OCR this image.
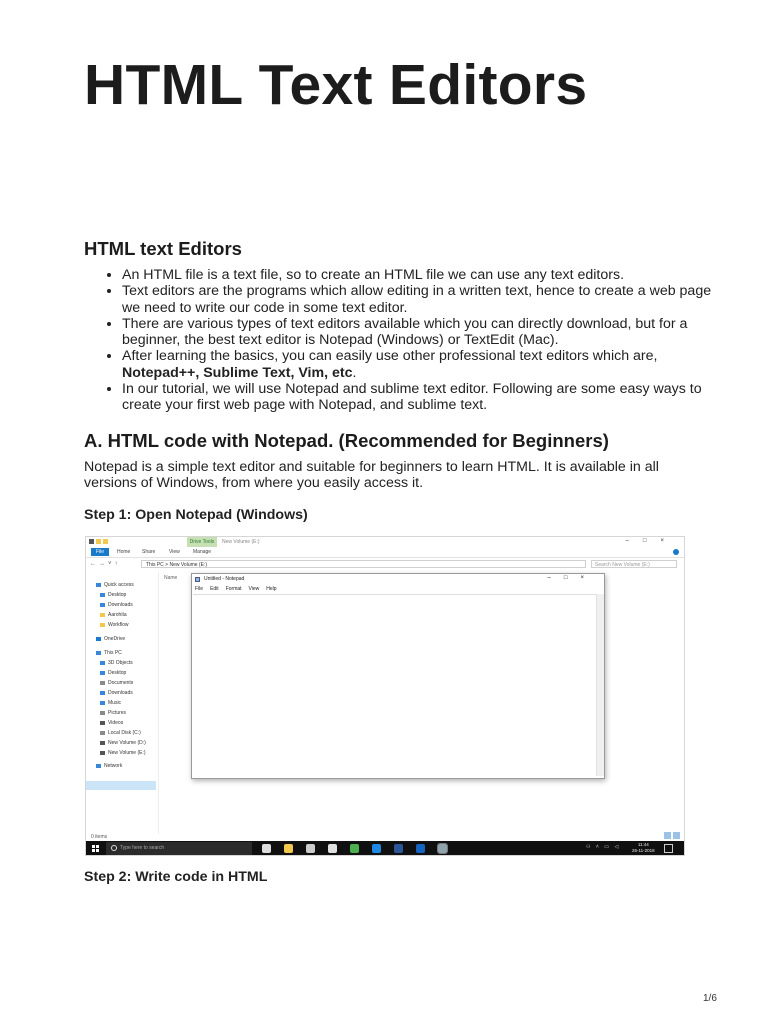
HTML Text Editors
HTML text Editors
• An HTML file is a text file, so to create an HTML file we can use any text editors.
• Text editors are the programs which allow editing in a written text, hence to create a web page we need to write our code in some text editor.
• There are various types of text editors available which you can directly download, but for a beginner, the best text editor is Notepad (Windows) or TextEdit (Mac).
• After learning the basics, you can easily use other professional text editors which are, Notepad++, Sublime Text, Vim, etc.
• In our tutorial, we will use Notepad and sublime text editor. Following are some easy ways to create your first web page with Notepad, and sublime text.
A. HTML code with Notepad. (Recommended for Beginners)

Notepad is a simple text editor and suitable for beginners to learn HTML. It is available in all versions of Windows, from where you easily access it.

Step 1: Open Notepad (Windows)

Drive Tools	New Volume (E:)	–□×
File	Home Share	View	Manage
←→˅↑	This PC > New Volume (E:)	Search New Volume (E:)
Quick access
Desktop
Downloads
Aarohita
Workflow
OneDrive
This PC
3D Objects
Desktop
Documents
Downloads
Music
Pictures
Videos
Local Disk (C:)
New Volume (D:)
New Volume (E:)
Network
Name
0 items
Untitled - Notepad	–□×
File Edit Format View Help
Type here to search	⚇ ˄ ▭ ◁	11:44
26-11-2018

Step 2: Write code in HTML

1/6
